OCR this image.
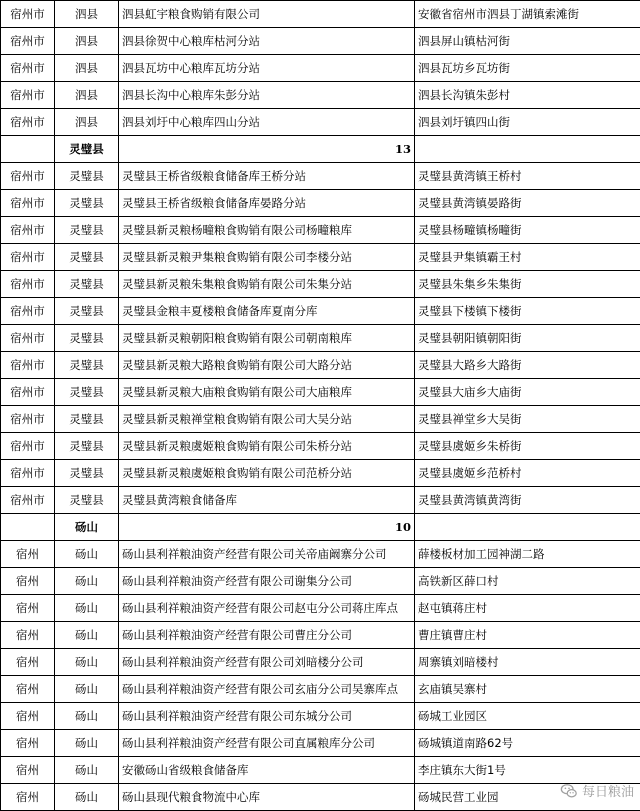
宿州市	泗县	泗县虹宇粮食购销有限公司	安徽省宿州市泗县丁湖镇索滩街
宿州市	泗县	泗县徐贺中心粮库枯河分站	泗县屏山镇枯河街
宿州市	泗县	泗县瓦坊中心粮库瓦坊分站	泗县瓦坊乡瓦坊街
宿州市	泗县	泗县长沟中心粮库朱彭分站	泗县长沟镇朱彭村
宿州市	泗县	泗县刘圩中心粮库四山分站	泗县刘圩镇四山街
	灵璧县	13	
宿州市	灵璧县	灵璧县王桥省级粮食储备库王桥分站	灵璧县黄湾镇王桥村
宿州市	灵璧县	灵璧县王桥省级粮食储备库晏路分站	灵璧县黄湾镇晏路街
宿州市	灵璧县	灵璧县新灵粮杨疃粮食购销有限公司杨疃粮库	灵璧县杨疃镇杨疃街
宿州市	灵璧县	灵璧县新灵粮尹集粮食购销有限公司李楼分站	灵璧县尹集镇霸王村
宿州市	灵璧县	灵璧县新灵粮朱集粮食购销有限公司朱集分站	灵璧县朱集乡朱集街
宿州市	灵璧县	灵璧县金粮丰夏楼粮食储备库夏南分库	灵璧县下楼镇下楼街
宿州市	灵璧县	灵璧县新灵粮朝阳粮食购销有限公司朝南粮库	灵璧县朝阳镇朝阳街
宿州市	灵璧县	灵璧县新灵粮大路粮食购销有限公司大路分站	灵璧县大路乡大路街
宿州市	灵璧县	灵璧县新灵粮大庙粮食购销有限公司大庙粮库	灵璧县大庙乡大庙街
宿州市	灵璧县	灵璧县新灵粮禅堂粮食购销有限公司大吴分站	灵璧县禅堂乡大吴街
宿州市	灵璧县	灵璧县新灵粮虞姬粮食购销有限公司朱桥分站	灵璧县虞姬乡朱桥街
宿州市	灵璧县	灵璧县新灵粮虞姬粮食购销有限公司范桥分站	灵璧县虞姬乡范桥村
宿州市	灵璧县	灵璧县黄湾粮食储备库	灵璧县黄湾镇黄湾街
	砀山	10	
宿州	砀山	砀山县利祥粮油资产经营有限公司关帝庙阚寨分公司	薛楼板材加工园神湖二路
宿州	砀山	砀山县利祥粮油资产经营有限公司谢集分公司	高铁新区薛口村
宿州	砀山	砀山县利祥粮油资产经营有限公司赵屯分公司蒋庄库点	赵屯镇蒋庄村
宿州	砀山	砀山县利祥粮油资产经营有限公司曹庄分公司	曹庄镇曹庄村
宿州	砀山	砀山县利祥粮油资产经营有限公司刘暗楼分公司	周寨镇刘暗楼村
宿州	砀山	砀山县利祥粮油资产经营有限公司玄庙分公司吴寨库点	玄庙镇吴寨村
宿州	砀山	砀山县利祥粮油资产经营有限公司东城分公司	砀城工业园区
宿州	砀山	砀山县利祥粮油资产经营有限公司直属粮库分公司	砀城镇道南路62号
宿州	砀山	安徽砀山省级粮食储备库	李庄镇东大街1号
宿州	砀山	砀山县现代粮食物流中心库	砀城民营工业园	每日粮油
